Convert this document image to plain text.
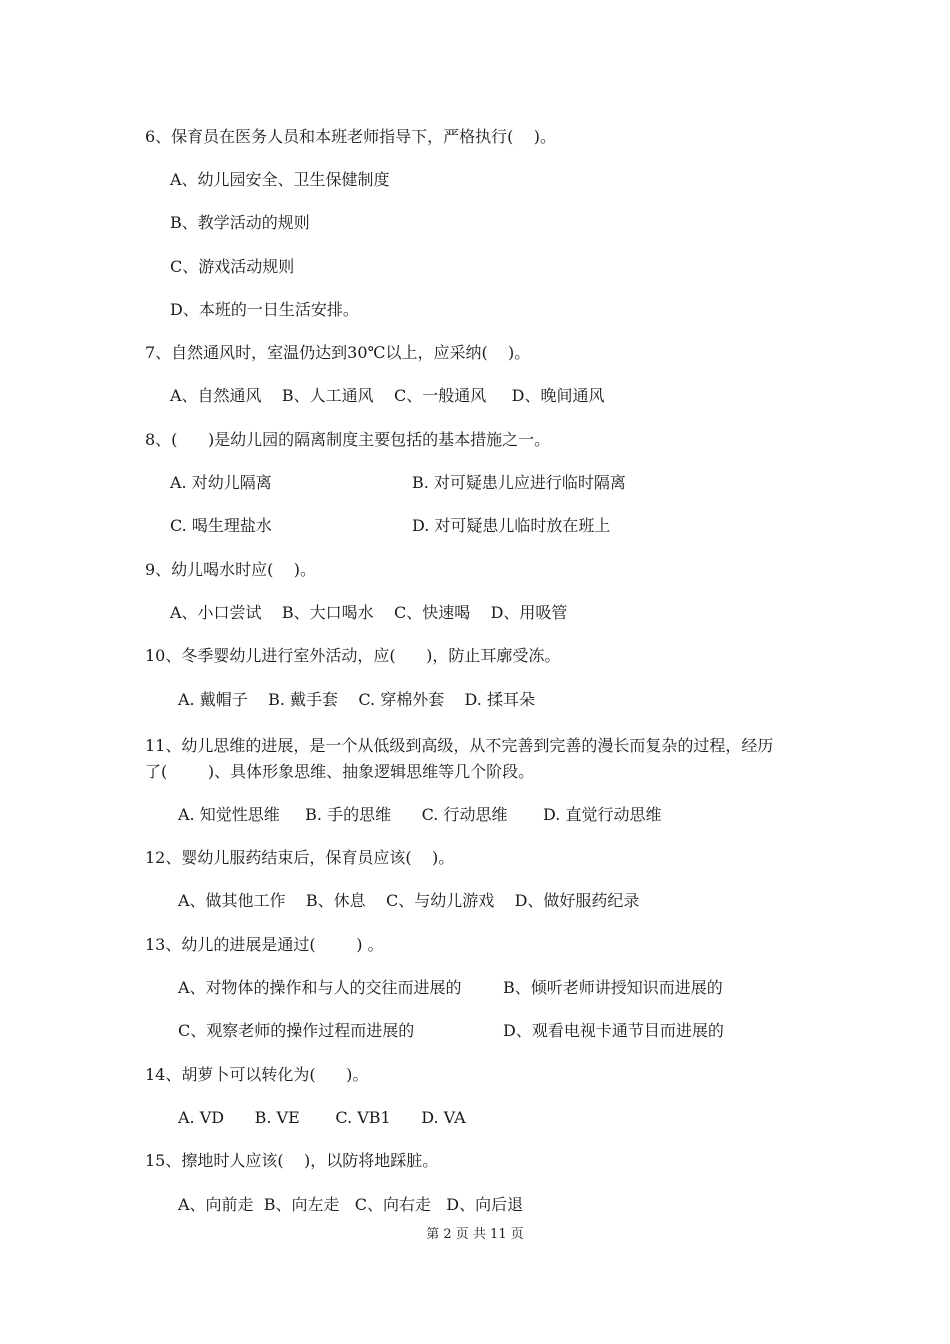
6、保育员在医务人员和本班老师指导下，严格执行(    )。
A、幼儿园安全、卫生保健制度
B、教学活动的规则
C、游戏活动规则
D、本班的一日生活安排。
7、自然通风时，室温仍达到30℃以上，应采纳(    )。
A、自然通风    B、人工通风    C、一般通风     D、晚间通风
8、(      )是幼儿园的隔离制度主要包括的基本措施之一。
A. 对幼儿隔离	B. 对可疑患儿应进行临时隔离
C. 喝生理盐水	D. 对可疑患儿临时放在班上
9、幼儿喝水时应(    )。
A、小口尝试    B、大口喝水    C、快速喝    D、用吸管
10、冬季婴幼儿进行室外活动，应(      )，防止耳廓受冻。
A. 戴帽子    B. 戴手套    C. 穿棉外套    D. 揉耳朵
11、幼儿思维的进展，是一个从低级到高级，从不完善到完善的漫长而复杂的过程，经历
了(        )、具体形象思维、抽象逻辑思维等几个阶段。
A. 知觉性思维     B. 手的思维      C. 行动思维       D. 直觉行动思维
12、婴幼儿服药结束后，保育员应该(    )。
A、做其他工作    B、休息    C、与幼儿游戏    D、做好服药纪录
13、幼儿的进展是通过(        ) 。
A、对物体的操作和与人的交往而进展的	B、倾听老师讲授知识而进展的
C、观察老师的操作过程而进展的	D、观看电视卡通节目而进展的
14、胡萝卜可以转化为(      )。
A. VD      B. VE       C. VB1      D. VA
15、擦地时人应该(    )，以防将地踩脏。
A、向前走  B、向左走   C、向右走   D、向后退
第 2 页 共 11 页
